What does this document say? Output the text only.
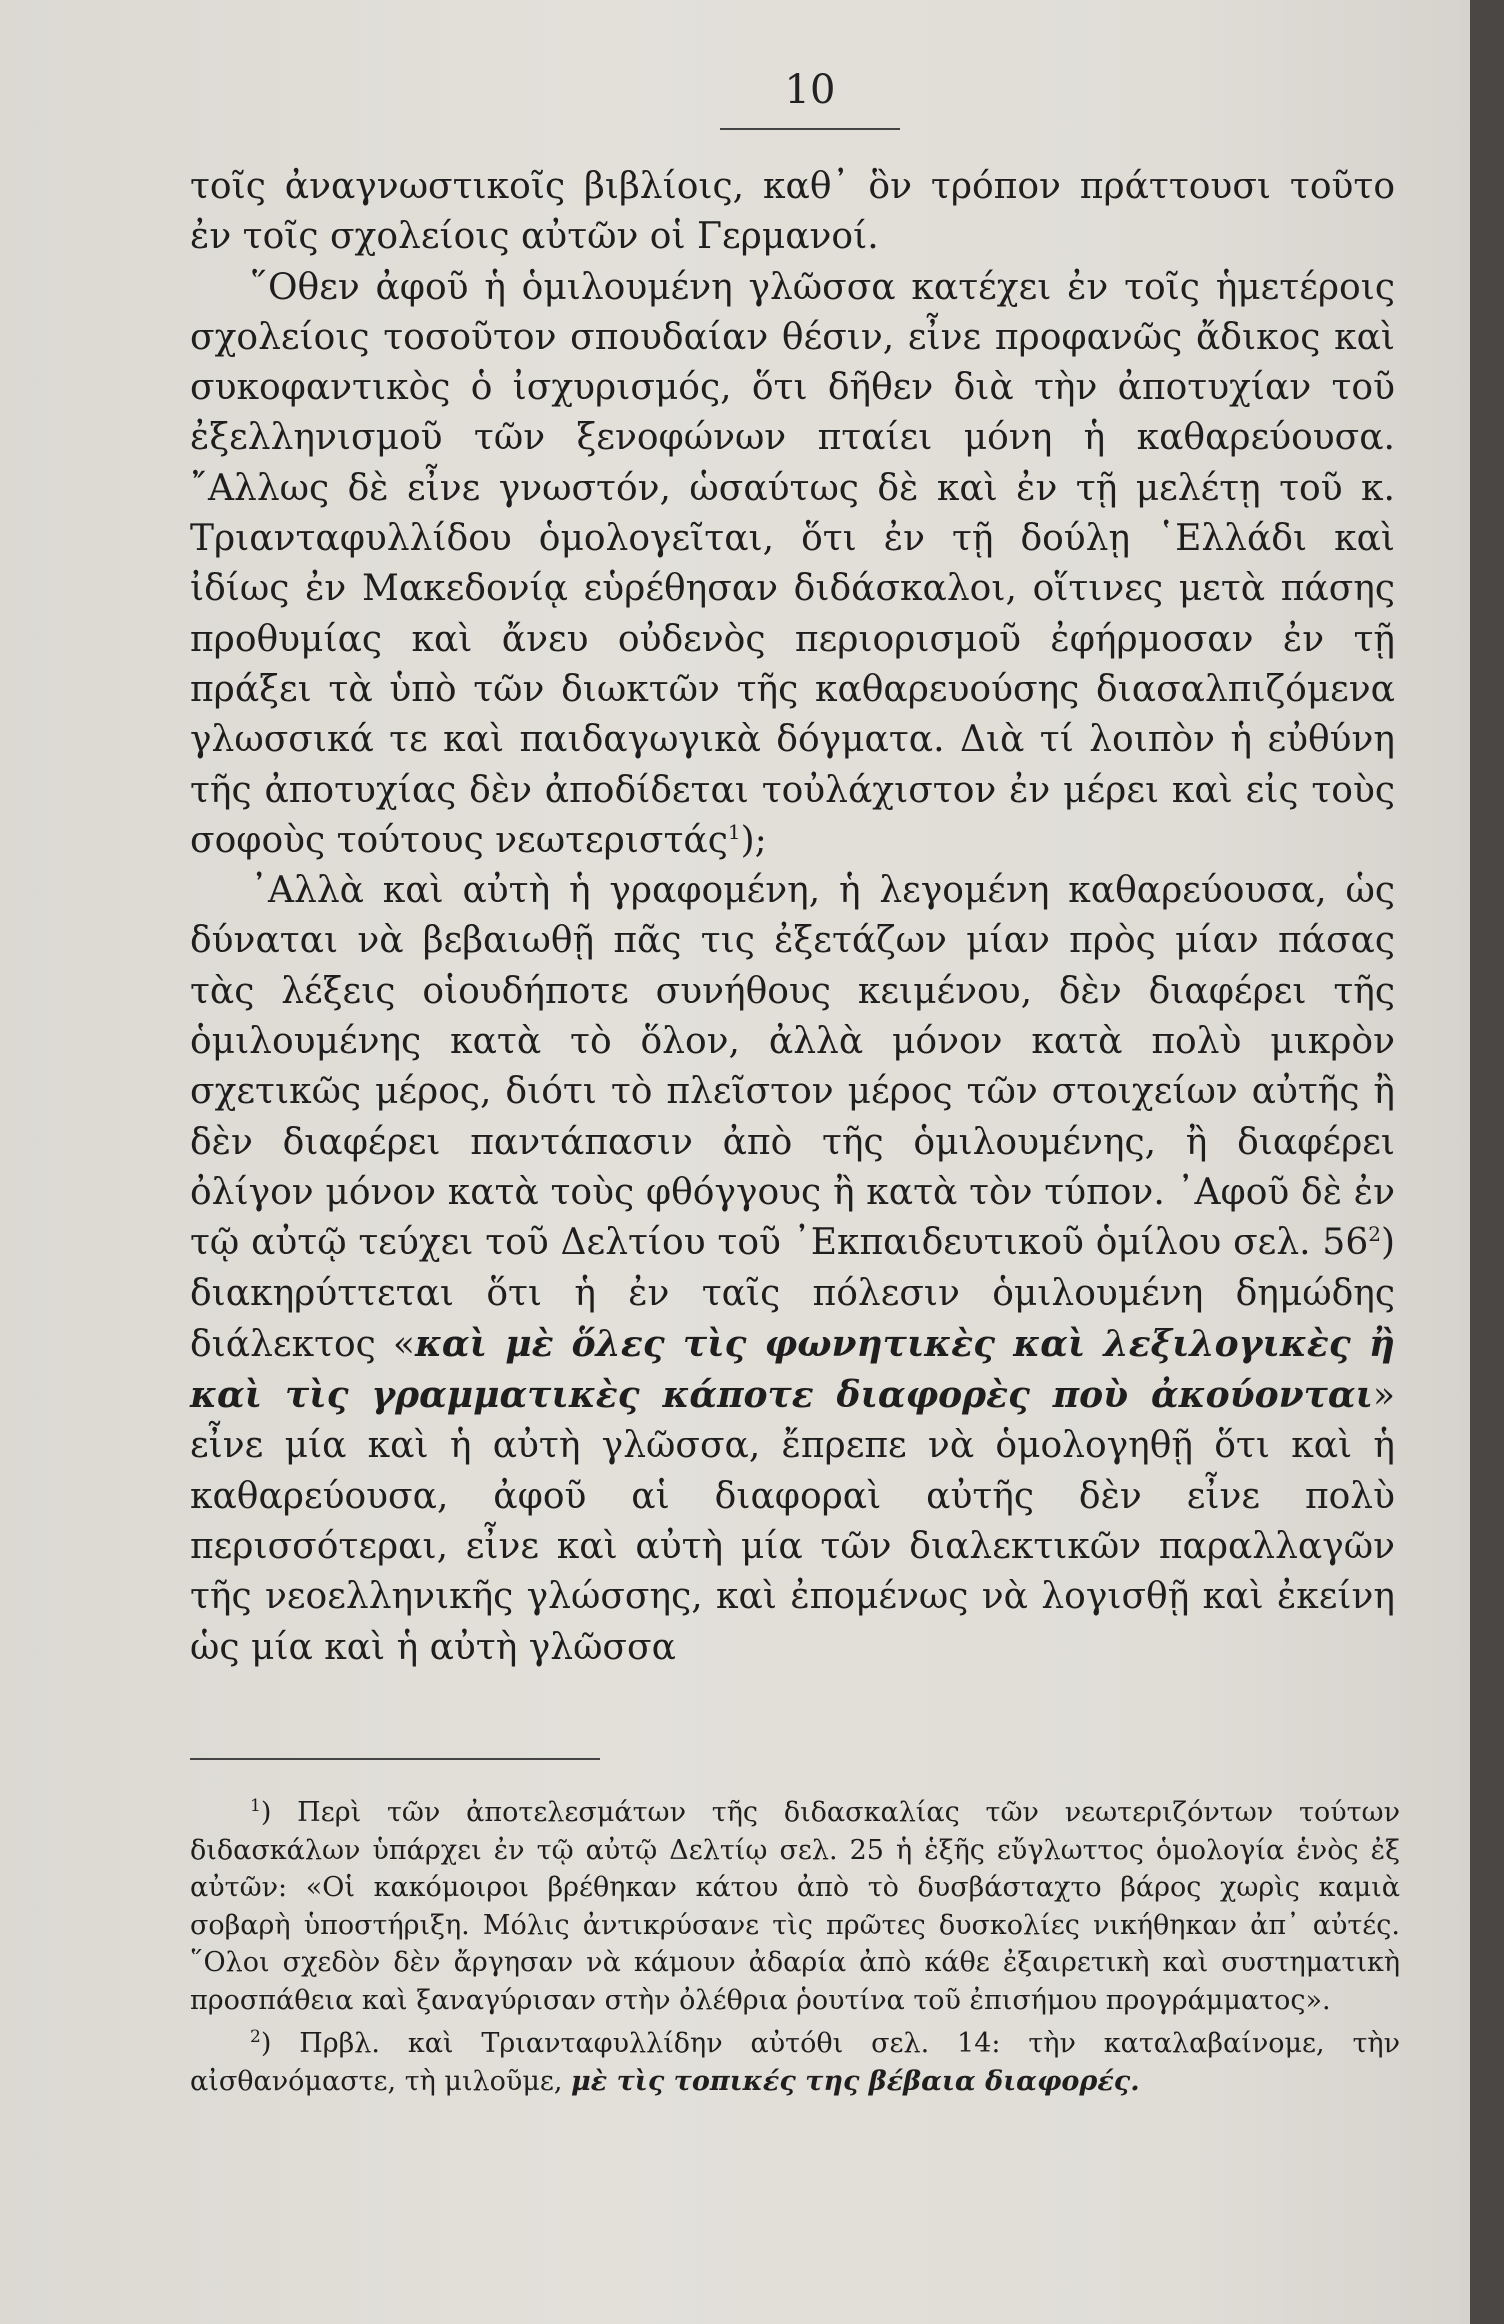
10

τοῖς ἀναγνωστικοῖς βιβλίοις, καθ᾽ ὃν τρόπον πράττουσι τοῦτο ἐν τοῖς σχολείοις αὐτῶν οἱ Γερμανοί.

῞Οθεν ἀφοῦ ἡ ὁμιλουμένη γλῶσσα κατέχει ἐν τοῖς ἡμετέροις σχολείοις τοσοῦτον σπουδαίαν θέσιν, εἶνε προφανῶς ἄδικος καὶ συκοφαντικὸς ὁ ἰσχυρισμός, ὅτι δῆθεν διὰ τὴν ἀποτυχίαν τοῦ ἐξελληνισμοῦ τῶν ξενοφώνων πταίει μόνη ἡ καθαρεύουσα. ῎Αλλως δὲ εἶνε γνωστόν, ὡσαύτως δὲ καὶ ἐν τῇ μελέτῃ τοῦ κ. Τριανταφυλλίδου ὁμολογεῖται, ὅτι ἐν τῇ δούλῃ ῾Ελλάδι καὶ ἰδίως ἐν Μακεδονίᾳ εὑρέθησαν διδάσκαλοι, οἵτινες μετὰ πάσης προθυμίας καὶ ἄνευ οὐδενὸς περιορισμοῦ ἐφήρμοσαν ἐν τῇ πράξει τὰ ὑπὸ τῶν διωκτῶν τῆς καθαρευούσης διασαλπιζόμενα γλωσσικά τε καὶ παιδαγωγικὰ δόγματα. Διὰ τί λοιπὸν ἡ εὐθύνη τῆς ἀποτυχίας δὲν ἀποδίδεται τοὐλάχιστον ἐν μέρει καὶ εἰς τοὺς σοφοὺς τούτους νεωτεριστάς$^1$);

᾽Αλλὰ καὶ αὐτὴ ἡ γραφομένη, ἡ λεγομένη καθαρεύουσα, ὡς δύναται νὰ βεβαιωθῇ πᾶς τις ἐξετάζων μίαν πρὸς μίαν πάσας τὰς λέξεις οἱουδήποτε συνήθους κειμένου, δὲν διαφέρει τῆς ὁμιλουμένης κατὰ τὸ ὅλον, ἀλλὰ μόνον κατὰ πολὺ μικρὸν σχετικῶς μέρος, διότι τὸ πλεῖστον μέρος τῶν στοιχείων αὐτῆς ἢ δὲν διαφέρει παντάπασιν ἀπὸ τῆς ὁμιλουμένης, ἢ διαφέρει ὀλίγον μόνον κατὰ τοὺς φθόγγους ἢ κατὰ τὸν τύπον. ᾽Αφοῦ δὲ ἐν τῷ αὐτῷ τεύχει τοῦ Δελτίου τοῦ ᾽Εκπαιδευτικοῦ ὁμίλου σελ. $56^2$) διακηρύττεται ὅτι ἡ ἐν ταῖς πόλεσιν ὁμιλουμένη δημώδης διάλεκτος «καὶ μὲ ὅλες τὶς φωνητικὲς καὶ λεξιλογικὲς ἢ καὶ τὶς γραμματικὲς κάποτε διαφορὲς ποὺ ἀκούονται» εἶνε μία καὶ ἡ αὐτὴ γλῶσσα, ἔπρεπε νὰ ὁμολογηθῇ ὅτι καὶ ἡ καθαρεύουσα, ἀφοῦ αἱ διαφοραὶ αὐτῆς δὲν εἶνε πολὺ περισσότεραι, εἶνε καὶ αὐτὴ μία τῶν διαλεκτικῶν παραλλαγῶν τῆς νεοελληνικῆς γλώσσης, καὶ ἐπομένως νὰ λογισθῇ καὶ ἐκείνη ὡς μία καὶ ἡ αὐτὴ γλῶσσα

$^1$) Περὶ τῶν ἀποτελεσμάτων τῆς διδασκαλίας τῶν νεωτεριζόντων τούτων διδασκάλων ὑπάρχει ἐν τῷ αὐτῷ Δελτίῳ σελ. 25 ἡ ἑξῆς εὔγλωττος ὁμολογία ἑνὸς ἐξ αὐτῶν: «Οἱ κακόμοιροι βρέθηκαν κάτου ἀπὸ τὸ δυσβάσταχτο βάρος χωρὶς καμιὰ σοβαρὴ ὑποστήριξη. Μόλις ἀντικρύσανε τὶς πρῶτες δυσκολίες νικήθηκαν ἀπ᾽ αὐτές. ῞Ολοι σχεδὸν δὲν ἄργησαν νὰ κάμουν ἀδαρία ἀπὸ κάθε ἐξαιρετικὴ καὶ συστηματικὴ προσπάθεια καὶ ξαναγύρισαν στὴν ὀλέθρια ῥουτίνα τοῦ ἐπισήμου προγράμματος».

$^2$) Πρβλ. καὶ Τριανταφυλλίδην αὐτόθι σελ. 14: τὴν καταλαβαίνομε, τὴν αἰσθανόμαστε, τὴ μιλοῦμε, μὲ τὶς τοπικές της βέβαια διαφορές.
